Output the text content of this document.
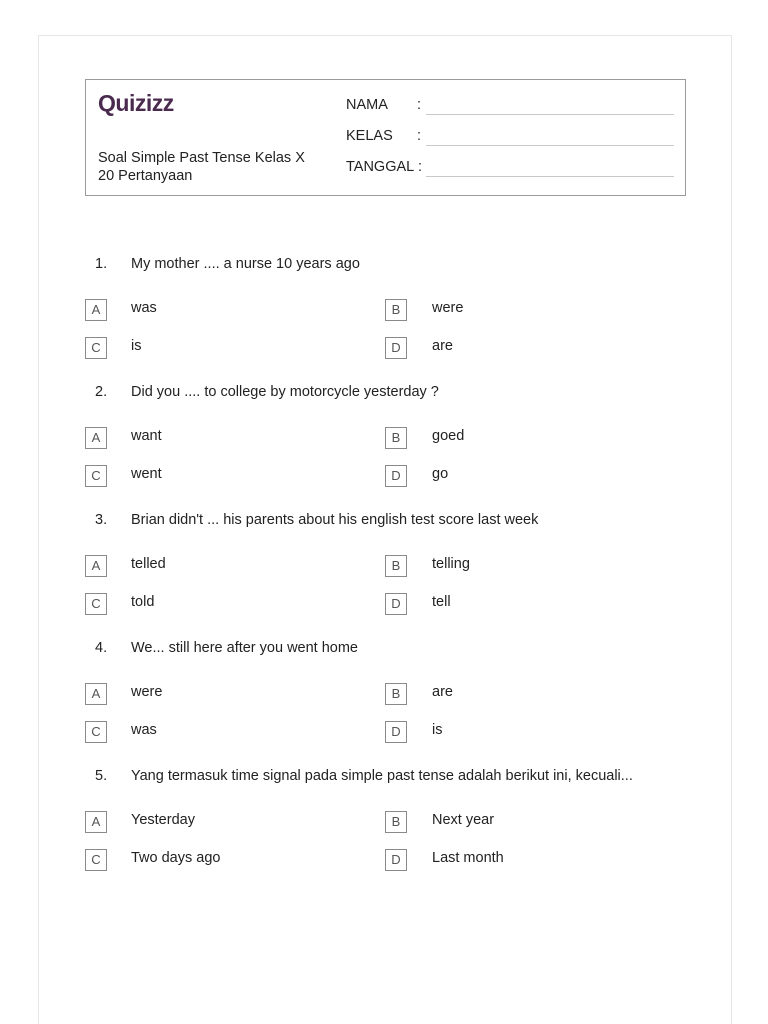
Quizizz
Soal Simple Past Tense Kelas X
20 Pertanyaan
NAMA :
KELAS :
TANGGAL :
1. My mother .... a nurse 10 years ago
A	was	B	were
C	is	D	are
2. Did you .... to college by motorcycle yesterday ?
A	want	B	goed
C	went	D	go
3. Brian didn't ... his parents about his english test score last week
A	telled	B	telling
C	told	D	tell
4. We... still here after you went home
A	were	B	are
C	was	D	is
5. Yang termasuk time signal pada simple past tense adalah berikut ini, kecuali...
A	Yesterday	B	Next year
C	Two days ago	D	Last month
